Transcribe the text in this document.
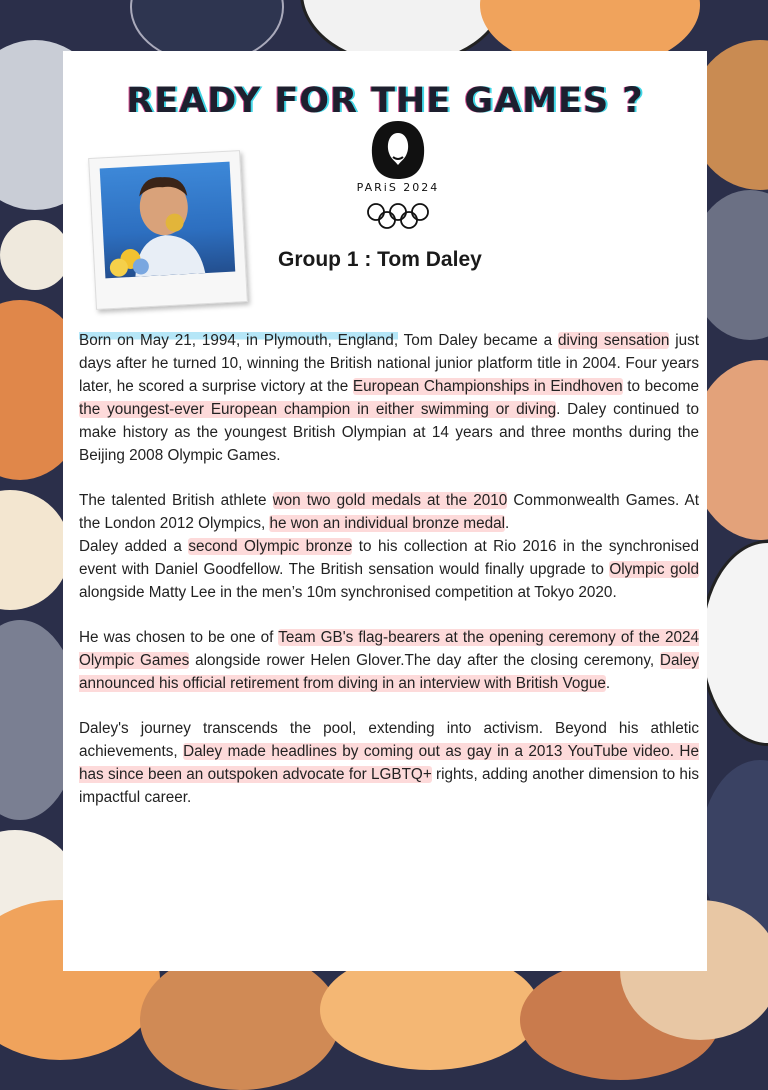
READY FOR THE GAMES ?
PARiS 2024
Group 1 : Tom Daley

Born on May 21, 1994, in Plymouth, England, Tom Daley became a diving sensation just days after he turned 10, winning the British national junior platform title in 2004. Four years later, he scored a surprise victory at the European Championships in Eindhoven to become the youngest-ever European champion in either swimming or diving. Daley continued to make history as the youngest British Olympian at 14 years and three months during the Beijing 2008 Olympic Games.

The talented British athlete won two gold medals at the 2010 Commonwealth Games. At the London 2012 Olympics, he won an individual bronze medal.

Daley added a second Olympic bronze to his collection at Rio 2016 in the synchronised event with Daniel Goodfellow. The British sensation would finally upgrade to Olympic gold alongside Matty Lee in the men’s 10m synchronised competition at Tokyo 2020.

He was chosen to be one of Team GB's flag-bearers at the opening ceremony of the 2024 Olympic Games alongside rower Helen Glover.The day after the closing ceremony, Daley announced his official retirement from diving in an interview with British Vogue.

Daley's journey transcends the pool, extending into activism. Beyond his athletic achievements, Daley made headlines by coming out as gay in a 2013 YouTube video. He has since been an outspoken advocate for LGBTQ+ rights, adding another dimension to his impactful career.
